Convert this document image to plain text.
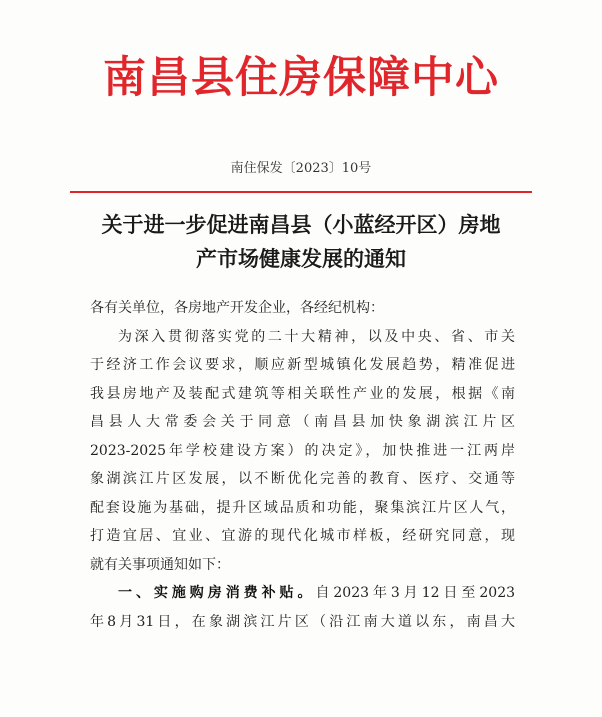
南昌县住房保障中心
南住保发〔2023〕10号
关于进一步促进南昌县（小蓝经开区）房地
产市场健康发展的通知

各有关单位，各房地产开发企业，各经纪机构：

为深入贯彻落实党的二十大精神，以及中央、省、市关

于经济工作会议要求，顺应新型城镇化发展趋势，精准促进

我县房地产及装配式建筑等相关联性产业的发展，根据《南

昌县人大常委会关于同意（南昌县加快象湖滨江片区

2023-2025年学校建设方案）的决定》，加快推进一江两岸

象湖滨江片区发展，以不断优化完善的教育、医疗、交通等

配套设施为基础，提升区域品质和功能，聚集滨江片区人气，

打造宜居、宜业、宜游的现代化城市样板，经研究同意，现

就有关事项通知如下：

一、实施购房消费补贴。自2023年3月12日至2023

年8月31日，在象湖滨江片区（沿江南大道以东，南昌大
